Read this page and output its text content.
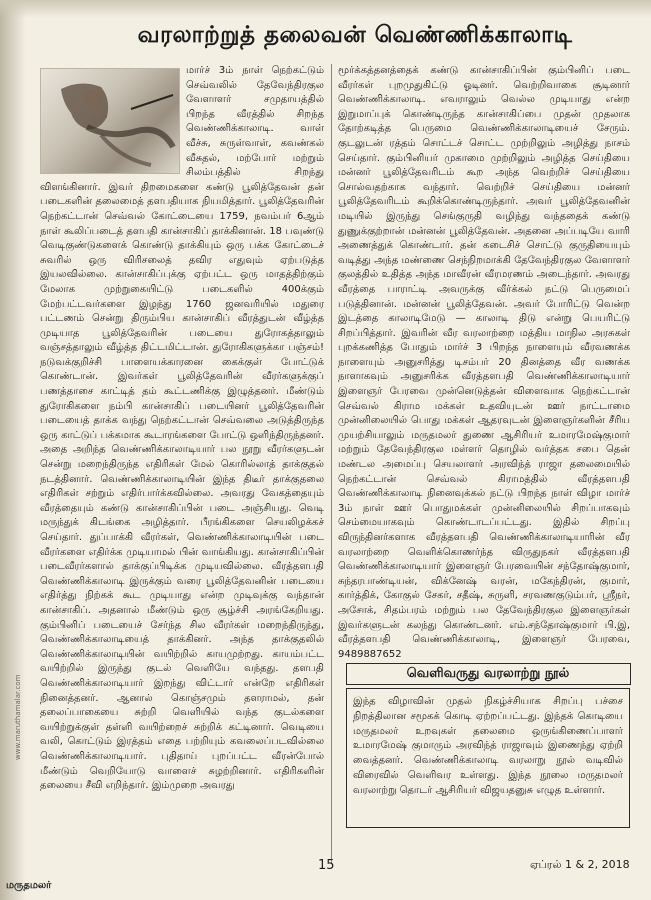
வரலாற்றுத் தலைவன் வெண்ணிக்காலாடி

மார்ச் 3ம் நாள் நெற்கட்டும் செவ்வலில் தேவேந்திரகுல வேளாளர் சமுதாயத்தில் பிறந்த வீரத்தில் சிறந்த வெண்ணிக்காலாடி. வாள் வீச்சு, சுருள்வாள், கவண்கல் வீசுதல், மற்போர் மற்றும் சிலம்பத்தில் சிறந்து விளங்கினார். இவர் திறமைகளை கண்டு பூலித்தேவன் தன் படைகளின் தலைமைத் தளபதியாக நியமித்தார். பூலித்தேவரின் நெற்கட்டான் செவ்வல் கோட்டையை 1759, நவம்பர் 6ஆம் நாள் கூலிப்படைத் தளபதி கான்சாகிப் தாக்கினான். 18 பவுண்டு வெடிகுண்டுகளைக் கொண்டு தாக்கியும் ஒரு பக்க கோட்டைச் சுவரில் ஒரு விரிசலைத் தவிர எதுவும் ஏற்படுத்த இயலவில்லை. கான்சாகிப்புக்கு ஏற்பட்ட ஒரு மாதத்திற்கும் மேலாக முற்றுகையிட்டு படைகளில் 400க்கும் மேற்பட்டவர்களை இழந்து 1760 ஜனவரியில் மதுரை பட்டணம் சென்று திரும்பிய கான்சாகிப் வீரத்துடன் வீழ்த்த முடியாத பூலித்தேவரின் படையை துரோகத்தாலும் வஞ்சத்தாலும் வீழ்த்த திட்டமிட்டான். துரோகிகளுக்கா பஞ்சம்! நடுவக்குறிச்சி பாளையக்காரனை கைக்குள் போட்டுக் கொண்டான். இவர்கள் பூலித்தேவரின் வீரர்களுக்குப் பணத்தாசை காட்டித் தம் கூட்டணிக்கு இழுத்தனர். மீண்டும் துரோகிகளை நம்பி கான்சாகிப் படையினர் பூலித்தேவரின் படையைத் தாக்க வந்து நெற்கட்டான் செவ்வலை அடுத்திருந்த ஒரு காட்டுப் பக்கமாக கூடாரங்களை போட்டு ஒளிந்திருந்தனர். அதை அறிந்த வெண்ணிக்காலாடியார் பல நூறு வீரர்களுடன் சென்று மறைந்திருந்த எதிரிகள் மேல் கொரில்லாத் தாக்குதல் நடத்தினார். வெண்ணிக்காலாடியின் இந்த திடீர் தாக்குதலை எதிரிகள் சற்றும் எதிர்பார்க்கவில்லை. அவரது வேகத்தையும் வீரத்தையும் கண்டு கான்சாகிப்பின் படை அஞ்சியது. வெடி மருந்துக் கிடங்கை அழித்தார். பீரங்கிகளை செயலிழக்கச் செய்தார். துப்பாக்கி வீரர்கள், வெண்ணிக்காலாடியின் படை வீரர்களை எதிர்க்க முடியாமல் பின் வாங்கியது. கான்சாகிப்பின் படைவீரர்களால் தாக்குப்பிடிக்க முடியவில்லை. வீரத்தளபதி வெண்ணிக்காலாடி இருக்கும் வரை பூலித்தேவனின் படையை எதிர்த்து நிற்கக் கூட முடியாது என்ற முடிவுக்கு வந்தான் கான்சாகிப். அதனால் மீண்டும் ஒரு சூழ்ச்சி அரங்கேறியது. கும்பினிப் படையைச் சேர்ந்த சில வீரர்கள் மறைந்திருந்து, வெண்ணிக்காலாடியைத் தாக்கினர். அந்த தாக்குதலில் வெண்ணிக்காலாடியின் வயிற்றில் காயமுற்றது. காயம்பட்ட வயிற்றில் இருந்து குடல் வெளியே வந்தது. தளபதி வெண்ணிக்காலாடியார் இறந்து விட்டார் என்றே எதிரிகள் நினைத்தனர். ஆனால் கொஞ்சமும் தளராமல், தன் தலைப்பாகையை சுற்றி வெளியில் வந்த குடல்களை வயிற்றுக்குள் தள்ளி வயிற்றைச் சுற்றிக் கட்டினார். வெடியை வலி, கொட்டும் இரத்தம் எதை பற்றியும் கவலைப்படவில்லை வெண்ணிக்காலாடியார். புதிதாய் புறப்பட்ட வீரன்போல் மீண்டும் வெறியோடு வாளைச் சுழற்றினார். எதிரிகளின் தலையை சீவி எறிந்தார். இம்முறை அவரது

மூர்க்கத்தனத்தைக் கண்டு கான்சாகிப்பின் கும்பினிப் படை வீரர்கள் புறமுதுகிட்டு ஓடினர். வெற்றிவாகை சூடினார் வெண்ணிக்காலாடி. எவராலும் வெல்ல முடியாது என்ற இறுமாப்புக் கொண்டிருந்த கான்சாகிப்பை முதன் முதலாக தோற்கடித்த பெருமை வெண்ணிக்காலாடியைச் சேரும். குடலுடன் ரத்தம் சொட்டச் சொட்ட முற்றிலும் அழித்து நாசம் செய்தார். கும்பினியர் முகாமை முற்றிலும் அழித்த செய்தியை மன்னர் பூலித்தேவரிடம் கூற அந்த வெற்றிச் செய்தியை சொல்வதற்காக வந்தார். வெற்றிச் செய்தியை மன்னர் பூலித்தேவரிடம் கூறிக்கொண்டிருந்தார். அவர் பூலித்தேவனின் மடியில் இருந்து செங்குருதி வழிந்து வந்ததைக் கண்டு துணுக்குற்றான் மன்னன் பூலித்தேவன். அதனை அப்படியே வாரி அணைத்துக் கொண்டார். தன் கடைசிச் சொட்டு குருதியையும் வடித்து அந்த மண்ணை செந்நிறமாக்கி தேவேந்திரகுல வேளாளர் குலத்தில் உதித்த அந்த மாவீரன் வீரமரணம் அடைந்தார். அவரது வீரத்தை பாராட்டி அவருக்கு வீர்க்கல் நட்டு பெருமைப் படுத்தினான். மன்னன் பூலித்தேவன். அவர் போரிட்டு வென்ற இடத்தை காலாடிமேடு — காலாடி திடு என்று பெயரிட்டு சிறப்பித்தார். இவரின் வீர வரலாற்றை மத்திய மாநில அரசுகள் புறக்கணித்த போதும் மார்ச் 3 பிறந்த நாளையும் வீரவணக்க நாளையும் அனுசரித்து டிசம்பர் 20 தினத்தை வீர வணக்க நாளாகவும் அனுசரிக்க வீரத்தளபதி வெண்ணிக்காலாடியார் இளைஞர் பேரவை முன்னெடுத்தன் விளைவாக நெற்கட்டான் செவ்வல் கிராம மக்கள் உதவியுடன் ஊர் நாட்டாமை முன்னிலையில் பொது மக்கள் ஆதரவுடன் இளைஞர்களின் சீரிய முயற்சியாலும் மருதமலர் துணை ஆசிரியர் உமாரமேஷ்குமார் மற்றும் தேவேந்திரகுல மள்ளர் தொழில் வர்த்தக சபை தென் மண்டல அமைப்பு செயலாளர் அரவிந்த் ராஜா தலைமையில் நெற்கட்டான் செவ்வல் கிராமத்தில் வீரத்தளபதி வெண்ணிக்காலாடி நினைவுக்கல் நட்டு பிறந்த நாள் விழா மார்ச் 3ம் நாள் ஊர் பொதுமக்கள் முன்னிலையில் சிறப்பாகவும் செம்மையாகவும் கொண்டாடப்பட்டது. இதில் சிறப்பு விருந்தினர்களாக வீரத்தளபதி வெண்ணிக்காலாடியாரின் வீர வரலாற்றை வெளிக்கொணர்ந்த விருதுநகர் வீரத்தளபதி வெண்ணிக்காலாடியார் இளைஞர் பேரவையின் சந்தோஷ்குமார், சுந்தரபாண்டியன், விக்னேஷ் வரன், மகேந்திரன், குமார், கார்த்திக், கோகுல் சேகர், சதீஷ், சுருளி, சரவணகுடும்பர், ஸ்ரீநர், அசோக், சிதம்பரம் மற்றும் பல தேவேந்திரகுல இளைஞர்கள் இவர்களுடன் கலந்து கொண்டனர். எம்.சந்தோஷ்குமார் பி.இ, வீரத்தளபதி வெண்ணிக்காலாடி, இளைஞர் பேரவை, 9489887652

வெளிவருது வரலாற்று நூல்
இந்த விழாவின் முதல் நிகழ்ச்சியாக சிறப்பு பச்சை நிறத்திலான சமூகக் கொடி ஏற்றப்பட்டது. இந்தக் கொடியை மருதமலர் உறவுகள் தலைமை ஒருங்கிணைப்பாளர் உமாரமேஷ் குமாரும் அரவிந்த் ராஜாவும் இணைந்து ஏற்றி வைத்தனர். வெண்ணிக்காலாடி வரலாறு நூல் வடிவில் விரைவில் வெளிவர உள்ளது. இந்த நூலை மருதமலர் வரலாற்று தொடர் ஆசிரியர் விஜயதனுசு எழுத உள்ளார்.
www.maruthamalar.com
15	ஏப்ரல் 1 & 2, 2018
மருதமலர்
